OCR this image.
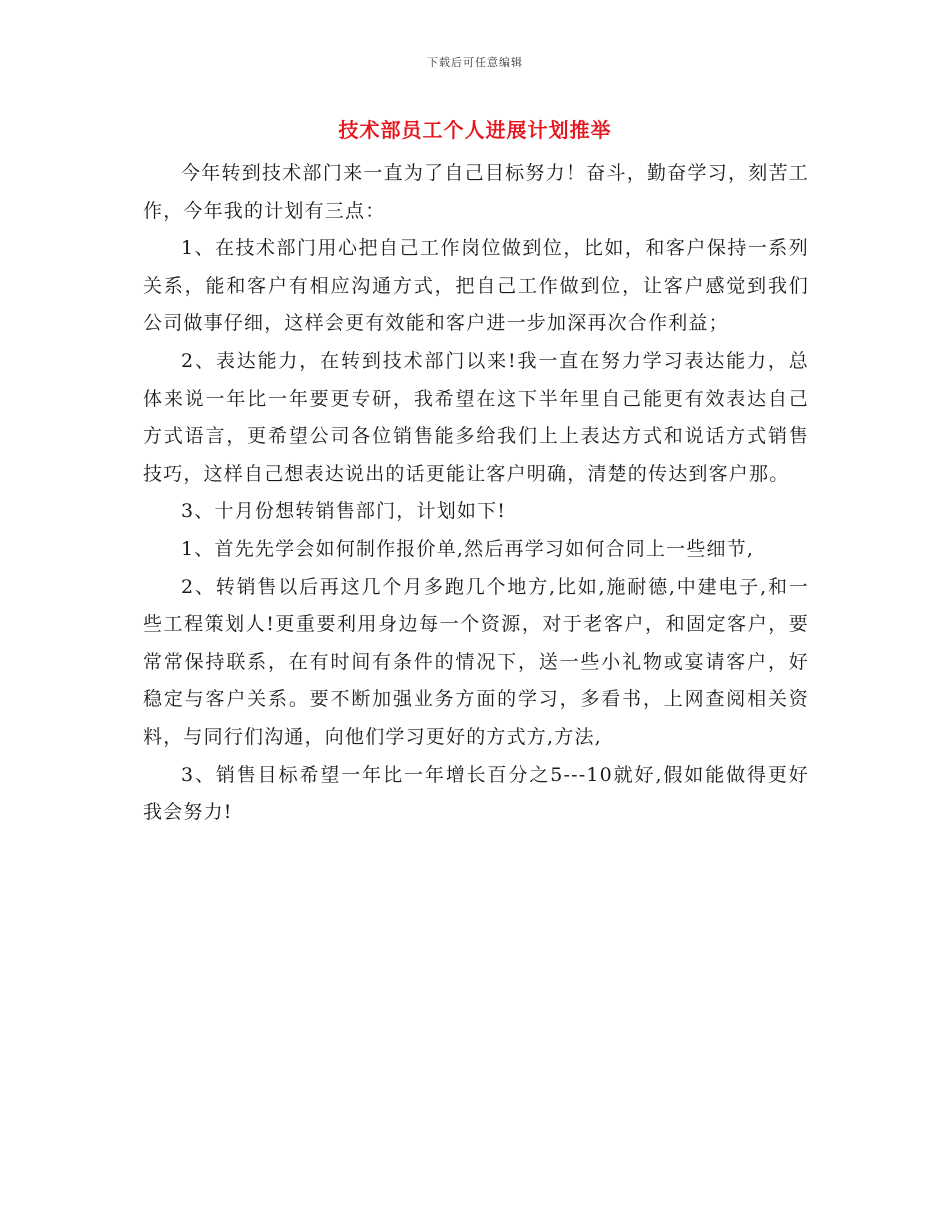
下载后可任意编辑
技术部员工个人进展计划推举

今年转到技术部门来一直为了自己目标努力！奋斗，勤奋学习，刻苦工作，今年我的计划有三点：

1、在技术部门用心把自己工作岗位做到位，比如，和客户保持一系列关系，能和客户有相应沟通方式，把自己工作做到位，让客户感觉到我们公司做事仔细，这样会更有效能和客户进一步加深再次合作利益；

2、表达能力，在转到技术部门以来!我一直在努力学习表达能力，总体来说一年比一年要更专研，我希望在这下半年里自己能更有效表达自己方式语言，更希望公司各位销售能多给我们上上表达方式和说话方式销售技巧，这样自己想表达说出的话更能让客户明确，清楚的传达到客户那。

3、十月份想转销售部门，计划如下!

1、首先先学会如何制作报价单,然后再学习如何合同上一些细节,

2、转销售以后再这几个月多跑几个地方,比如,施耐德,中建电子,和一些工程策划人!更重要利用身边每一个资源，对于老客户，和固定客户，要常常保持联系，在有时间有条件的情况下，送一些小礼物或宴请客户，好稳定与客户关系。要不断加强业务方面的学习，多看书，上网查阅相关资料，与同行们沟通，向他们学习更好的方式方,方法,

3、销售目标希望一年比一年增长百分之5---10就好,假如能做得更好我会努力!
